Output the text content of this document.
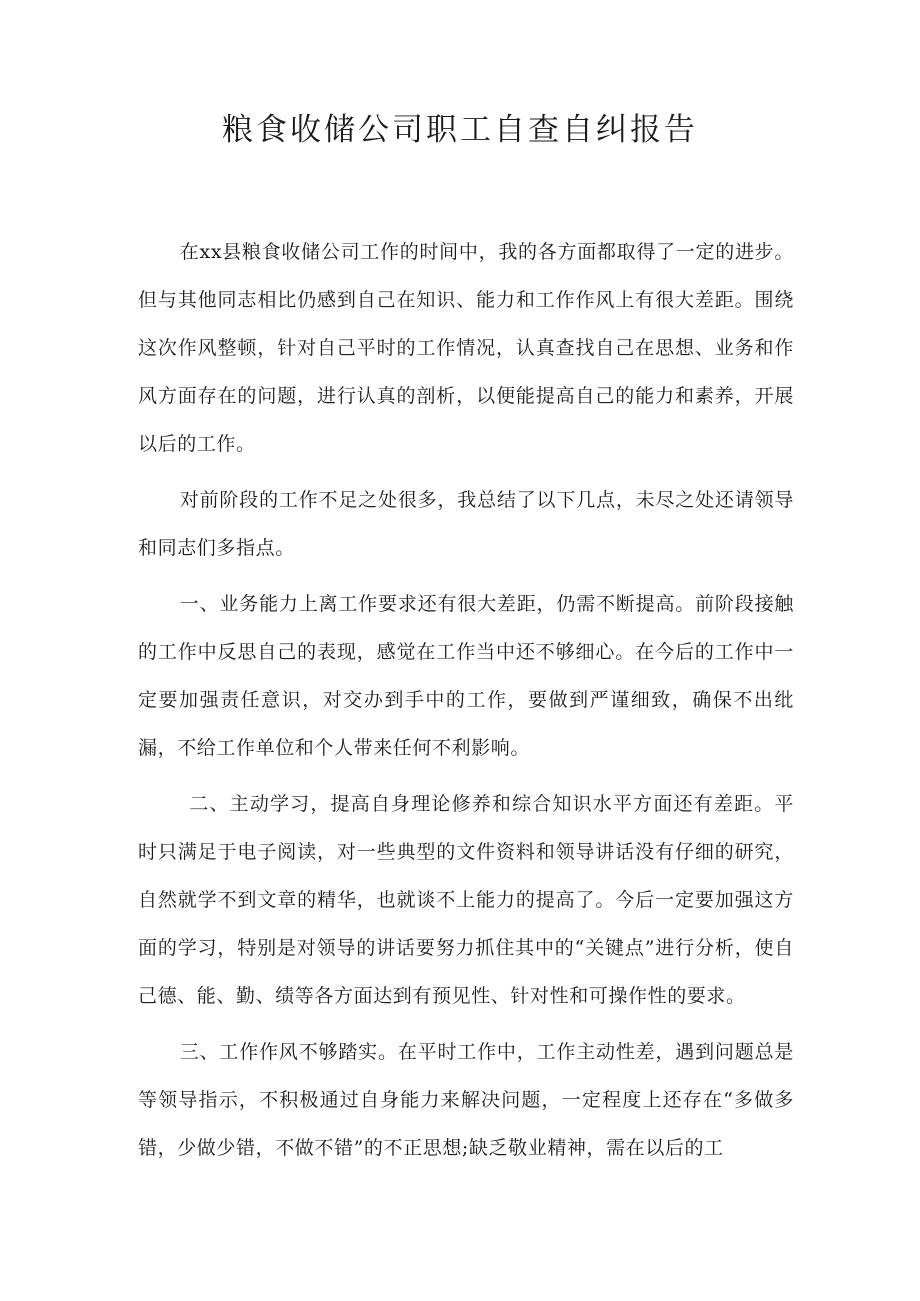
粮食收储公司职工自查自纠报告

在xx县粮食收储公司工作的时间中，我的各方面都取得了一定的进步。但与其他同志相比仍感到自己在知识、能力和工作作风上有很大差距。围绕这次作风整顿，针对自己平时的工作情况，认真查找自己在思想、业务和作风方面存在的问题，进行认真的剖析，以便能提高自己的能力和素养，开展以后的工作。

对前阶段的工作不足之处很多，我总结了以下几点，未尽之处还请领导和同志们多指点。

一、业务能力上离工作要求还有很大差距，仍需不断提高。前阶段接触的工作中反思自己的表现，感觉在工作当中还不够细心。在今后的工作中一定要加强责任意识，对交办到手中的工作，要做到严谨细致，确保不出纰漏，不给工作单位和个人带来任何不利影响。

二、主动学习，提高自身理论修养和综合知识水平方面还有差距。平时只满足于电子阅读，对一些典型的文件资料和领导讲话没有仔细的研究，自然就学不到文章的精华，也就谈不上能力的提高了。今后一定要加强这方面的学习，特别是对领导的讲话要努力抓住其中的“关键点”进行分析，使自己德、能、勤、绩等各方面达到有预见性、针对性和可操作性的要求。

三、工作作风不够踏实。在平时工作中，工作主动性差，遇到问题总是等领导指示，不积极通过自身能力来解决问题，一定程度上还存在“多做多错，少做少错，不做不错”的不正思想;缺乏敬业精神，需在以后的工
